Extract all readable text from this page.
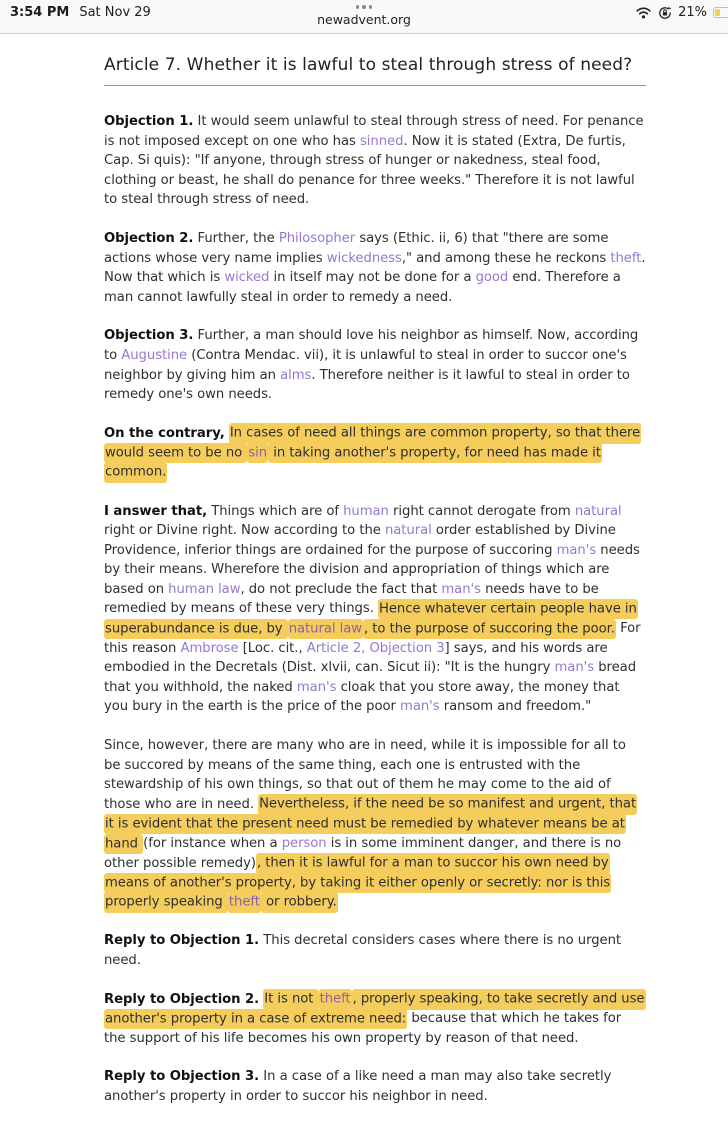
3:54 PM Sat Nov 29	newadvent.org	21%
Article 7. Whether it is lawful to steal through stress of need?

Objection 1. It would seem unlawful to steal through stress of need. For penance is not imposed except on one who has sinned. Now it is stated (Extra, De furtis, Cap. Si quis): "If anyone, through stress of hunger or nakedness, steal food, clothing or beast, he shall do penance for three weeks." Therefore it is not lawful to steal through stress of need.

Objection 2. Further, the Philosopher says (Ethic. ii, 6) that "there are some actions whose very name implies wickedness," and among these he reckons theft. Now that which is wicked in itself may not be done for a good end. Therefore a man cannot lawfully steal in order to remedy a need.

Objection 3. Further, a man should love his neighbor as himself. Now, according to Augustine (Contra Mendac. vii), it is unlawful to steal in order to succor one's neighbor by giving him an alms. Therefore neither is it lawful to steal in order to remedy one's own needs.

On the contrary, In cases of need all things are common property, so that there would seem to be no sin in taking another's property, for need has made it common.

I answer that, Things which are of human right cannot derogate from natural right or Divine right. Now according to the natural order established by Divine Providence, inferior things are ordained for the purpose of succoring man's needs by their means. Wherefore the division and appropriation of things which are based on human law, do not preclude the fact that man's needs have to be remedied by means of these very things. Hence whatever certain people have in superabundance is due, by natural law , to the purpose of succoring the poor. For this reason Ambrose [Loc. cit., Article 2, Objection 3] says, and his words are embodied in the Decretals (Dist. xlvii, can. Sicut ii): "It is the hungry man's bread that you withhold, the naked man's cloak that you store away, the money that you bury in the earth is the price of the poor man's ransom and freedom."

Since, however, there are many who are in need, while it is impossible for all to be succored by means of the same thing, each one is entrusted with the stewardship of his own things, so that out of them he may come to the aid of those who are in need. Nevertheless, if the need be so manifest and urgent, that it is evident that the present need must be remedied by whatever means be at hand (for instance when a person is in some imminent danger, and there is no other possible remedy), then it is lawful for a man to succor his own need by means of another's property, by taking it either openly or secretly: nor is this properly speaking theft or robbery.

Reply to Objection 1. This decretal considers cases where there is no urgent need.

Reply to Objection 2. It is not theft , properly speaking, to take secretly and use another's property in a case of extreme need: because that which he takes for the support of his life becomes his own property by reason of that need.

Reply to Objection 3. In a case of a like need a man may also take secretly another's property in order to succor his neighbor in need.
